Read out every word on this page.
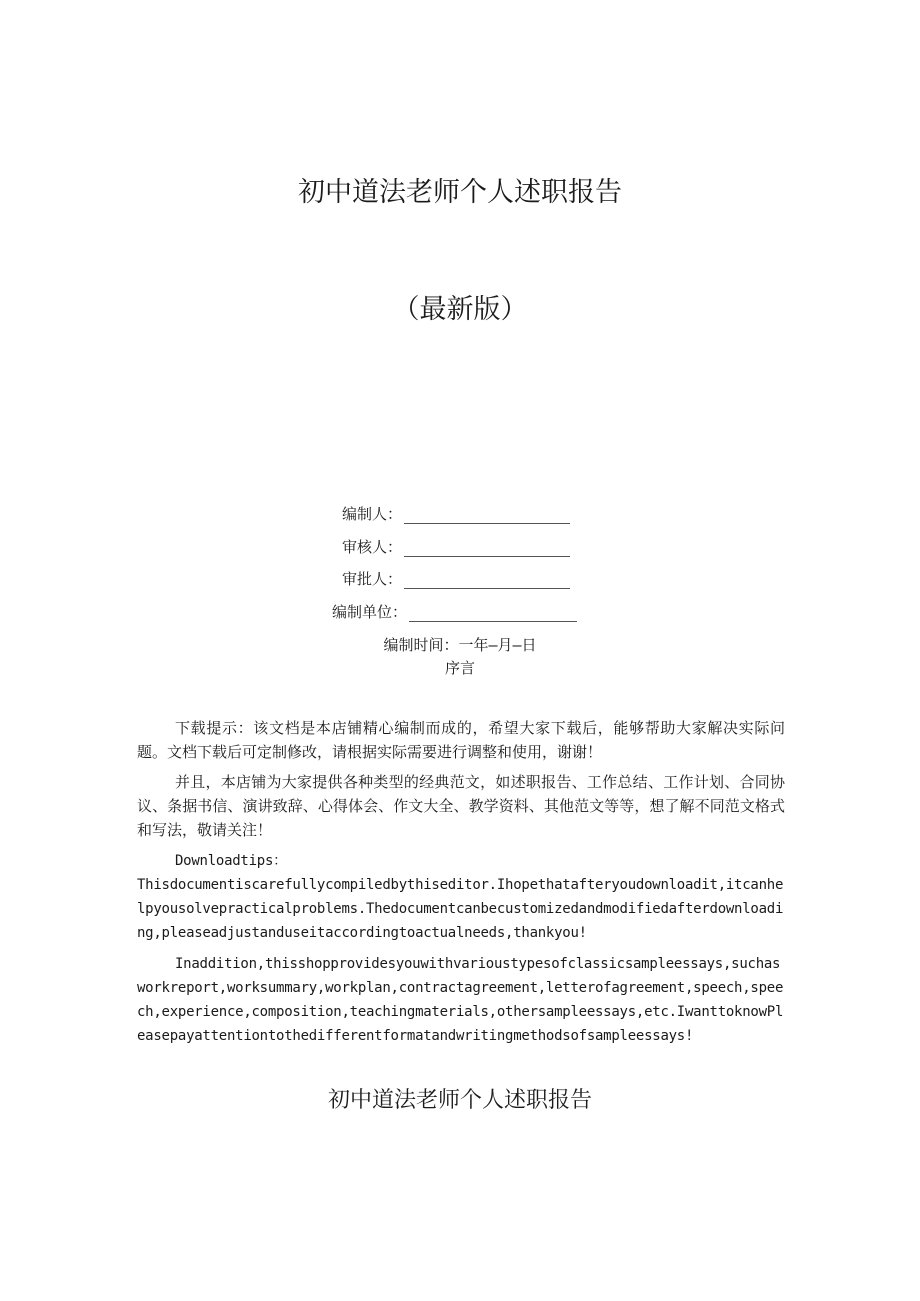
初中道法老师个人述职报告
（最新版）
编制人：
审核人：
审批人：
编制单位：
编制时间：一年—月—日
序言
下载提示：该文档是本店铺精心编制而成的，希望大家下载后，能够帮助大家解决实际问题。文档下载后可定制修改，请根据实际需要进行调整和使用，谢谢！
并且，本店铺为大家提供各种类型的经典范文，如述职报告、工作总结、工作计划、合同协议、条据书信、演讲致辞、心得体会、作文大全、教学资料、其他范文等等，想了解不同范文格式和写法，敬请关注！
Downloadtips：
Thisdocumentiscarefullycompiledbythiseditor.Ihopethatafteryoudownloadit,itcanhelpyousolvepracticalproblems.Thedocumentcanbecustomizedandmodifiedafterdownloading,pleaseadjustanduseitaccordingtoactualneeds,thankyou!
Inaddition,thisshopprovidesyouwithvarioustypesofclassicsampleessays,suchasworkreport,worksummary,workplan,contractagreement,letterofagreement,speech,speech,experience,composition,teachingmaterials,othersampleessays,etc.IwanttoknowPleasepayattentiontothedifferentformatandwritingmethodsofsampleessays!
初中道法老师个人述职报告
